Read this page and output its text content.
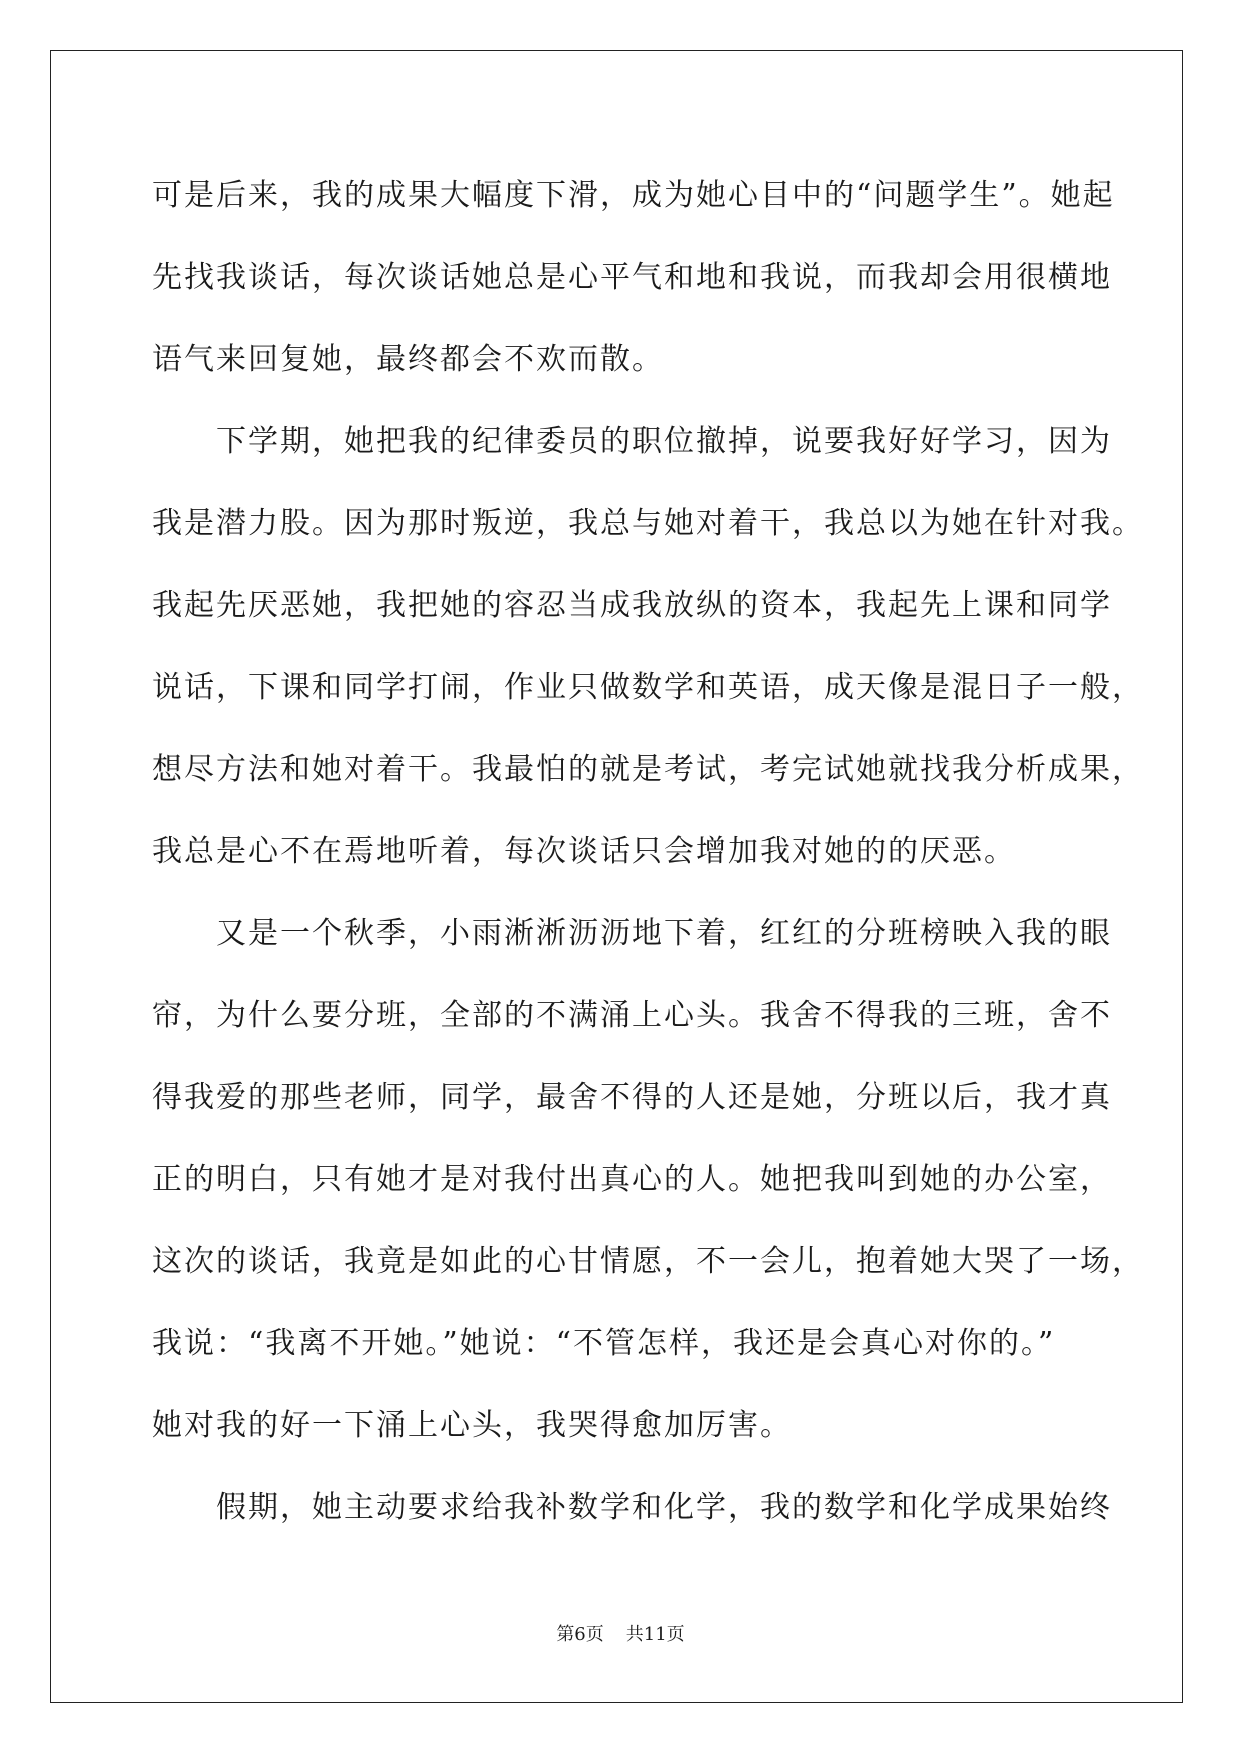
可是后来，我的成果大幅度下滑，成为她心目中的“问题学生”。她起
先找我谈话，每次谈话她总是心平气和地和我说，而我却会用很横地
语气来回复她，最终都会不欢而散。
　　下学期，她把我的纪律委员的职位撤掉，说要我好好学习，因为
我是潜力股。因为那时叛逆，我总与她对着干，我总以为她在针对我。
我起先厌恶她，我把她的容忍当成我放纵的资本，我起先上课和同学
说话，下课和同学打闹，作业只做数学和英语，成天像是混日子一般，
想尽方法和她对着干。我最怕的就是考试，考完试她就找我分析成果，
我总是心不在焉地听着，每次谈话只会增加我对她的的厌恶。
　　又是一个秋季，小雨淅淅沥沥地下着，红红的分班榜映入我的眼
帘，为什么要分班，全部的不满涌上心头。我舍不得我的三班，舍不
得我爱的那些老师，同学，最舍不得的人还是她，分班以后，我才真
正的明白，只有她才是对我付出真心的人。她把我叫到她的办公室，
这次的谈话，我竟是如此的心甘情愿，不一会儿，抱着她大哭了一场，
我说：“我离不开她。”她说：“不管怎样，我还是会真心对你的。”
她对我的好一下涌上心头，我哭得愈加厉害。
　　假期，她主动要求给我补数学和化学，我的数学和化学成果始终
第6页 共11页
